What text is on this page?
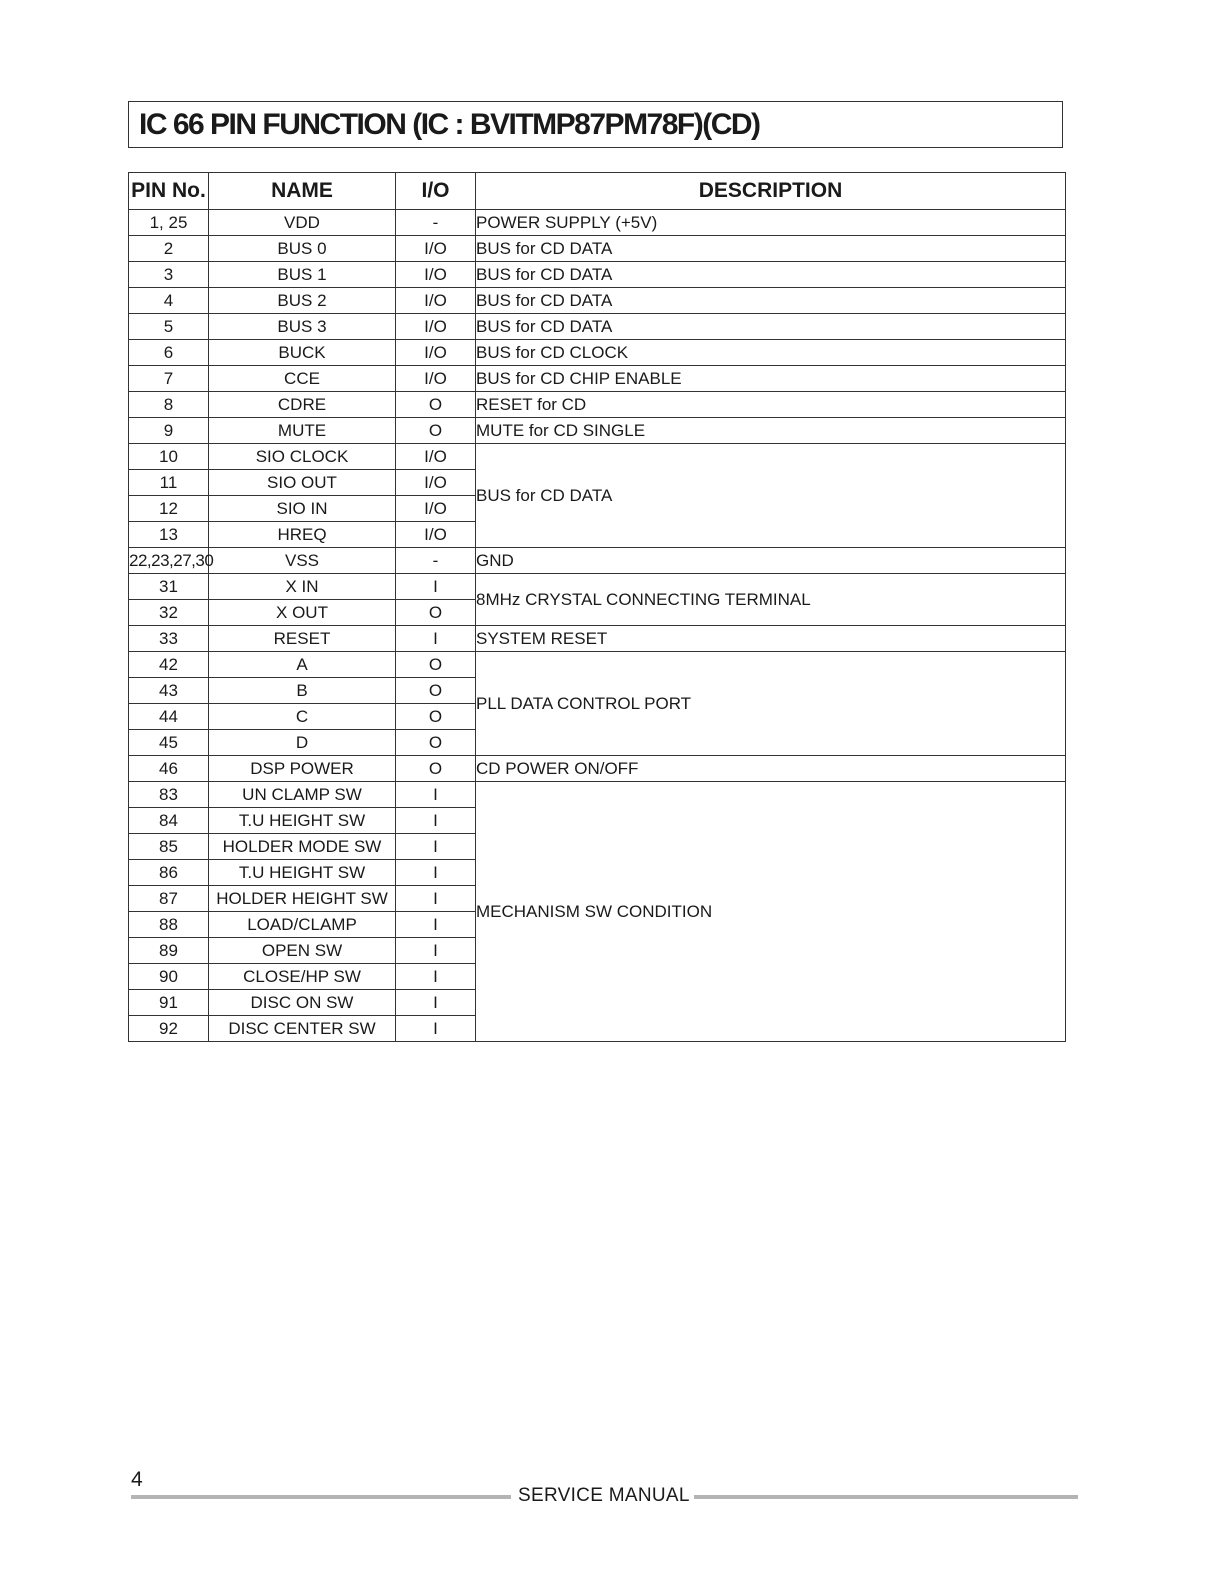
IC 66 PIN FUNCTION (IC : BVITMP87PM78F)(CD)
PIN No.	NAME	I/O	DESCRIPTION
1, 25	VDD	-	POWER SUPPLY (+5V)
2	BUS 0	I/O	BUS for CD DATA
3	BUS 1	I/O	BUS for CD DATA
4	BUS 2	I/O	BUS for CD DATA
5	BUS 3	I/O	BUS for CD DATA
6	BUCK	I/O	BUS for CD CLOCK
7	CCE	I/O	BUS for CD CHIP ENABLE
8	CDRE	O	RESET for CD
9	MUTE	O	MUTE for CD SINGLE
10	SIO CLOCK	I/O	BUS for CD DATA
11	SIO OUT	I/O	
12	SIO IN	I/O	
13	HREQ	I/O	
22,23,27,30	VSS	-	GND
31	X IN	I	8MHz CRYSTAL CONNECTING TERMINAL
32	X OUT	O	
33	RESET	I	SYSTEM RESET
42	A	O	PLL DATA CONTROL PORT
43	B	O	
44	C	O	
45	D	O	
46	DSP POWER	O	CD POWER ON/OFF
83	UN CLAMP SW	I	MECHANISM SW CONDITION
84	T.U HEIGHT SW	I	
85	HOLDER MODE SW	I	
86	T.U HEIGHT SW	I	
87	HOLDER HEIGHT SW	I	
88	LOAD/CLAMP	I	
89	OPEN SW	I	
90	CLOSE/HP SW	I	
91	DISC ON SW	I	
92	DISC CENTER SW	I	
4
SERVICE MANUAL
